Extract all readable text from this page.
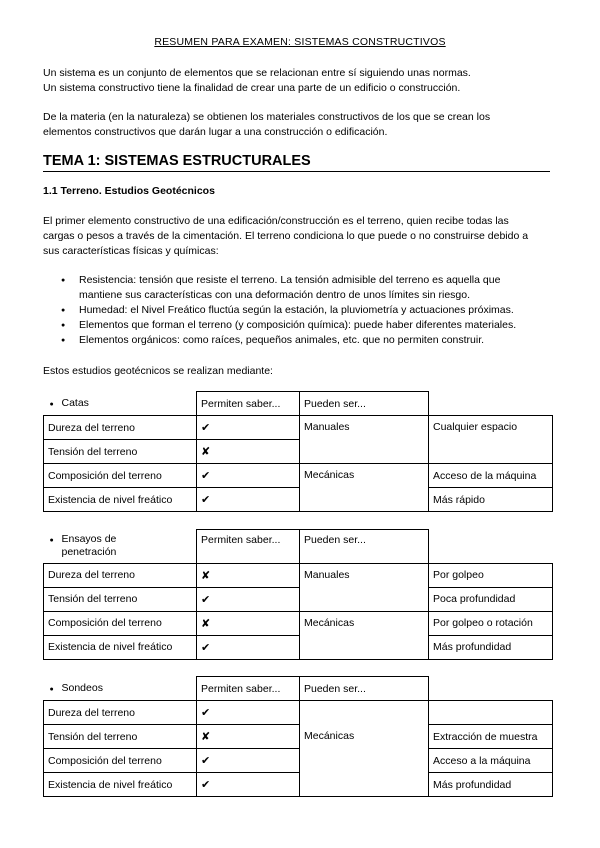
RESUMEN PARA EXAMEN: SISTEMAS CONSTRUCTIVOS
Un sistema es un conjunto de elementos que se relacionan entre sí siguiendo unas normas.
Un sistema constructivo tiene la finalidad de crear una parte de un edificio o construcción.
De la materia (en la naturaleza) se obtienen los materiales constructivos de los que se crean los
elementos constructivos que darán lugar a una construcción o edificación.
TEMA 1: SISTEMAS ESTRUCTURALES
1.1 Terreno. Estudios Geotécnicos
El primer elemento constructivo de una edificación/construcción es el terreno, quien recibe todas las
cargas o pesos a través de la cimentación. El terreno condiciona lo que puede o no construirse debido a
sus características físicas y químicas:
● Resistencia: tensión que resiste el terreno. La tensión admisible del terreno es aquella que
mantiene sus características con una deformación dentro de unos límites sin riesgo.
● Humedad: el Nivel Freático fluctúa según la estación, la pluviometría y actuaciones próximas.
● Elementos que forman el terreno (y composición química): puede haber diferentes materiales.
● Elementos orgánicos: como raíces, pequeños animales, etc. que no permiten construir.
Estos estudios geotécnicos se realizan mediante:
● Catas	Permiten saber...	Pueden ser...	
Dureza del terreno	✔	Manuales	Cualquier espacio
Tensión del terreno	✘		
Composición del terreno	✔	Mecánicas	Acceso de la máquina
Existencia de nivel freático	✔		Más rápido
● Ensayos de
penetración	Permiten saber...	Pueden ser...	
Dureza del terreno	✘	Manuales	Por golpeo
Tensión del terreno	✔		Poca profundidad
Composición del terreno	✘	Mecánicas	Por golpeo o rotación
Existencia de nivel freático	✔		Más profundidad
● Sondeos	Permiten saber...	Pueden ser...	
Dureza del terreno	✔	Mecánicas	
Tensión del terreno	✘		Extracción de muestra
Composición del terreno	✔		Acceso a la máquina
Existencia de nivel freático	✔		Más profundidad
